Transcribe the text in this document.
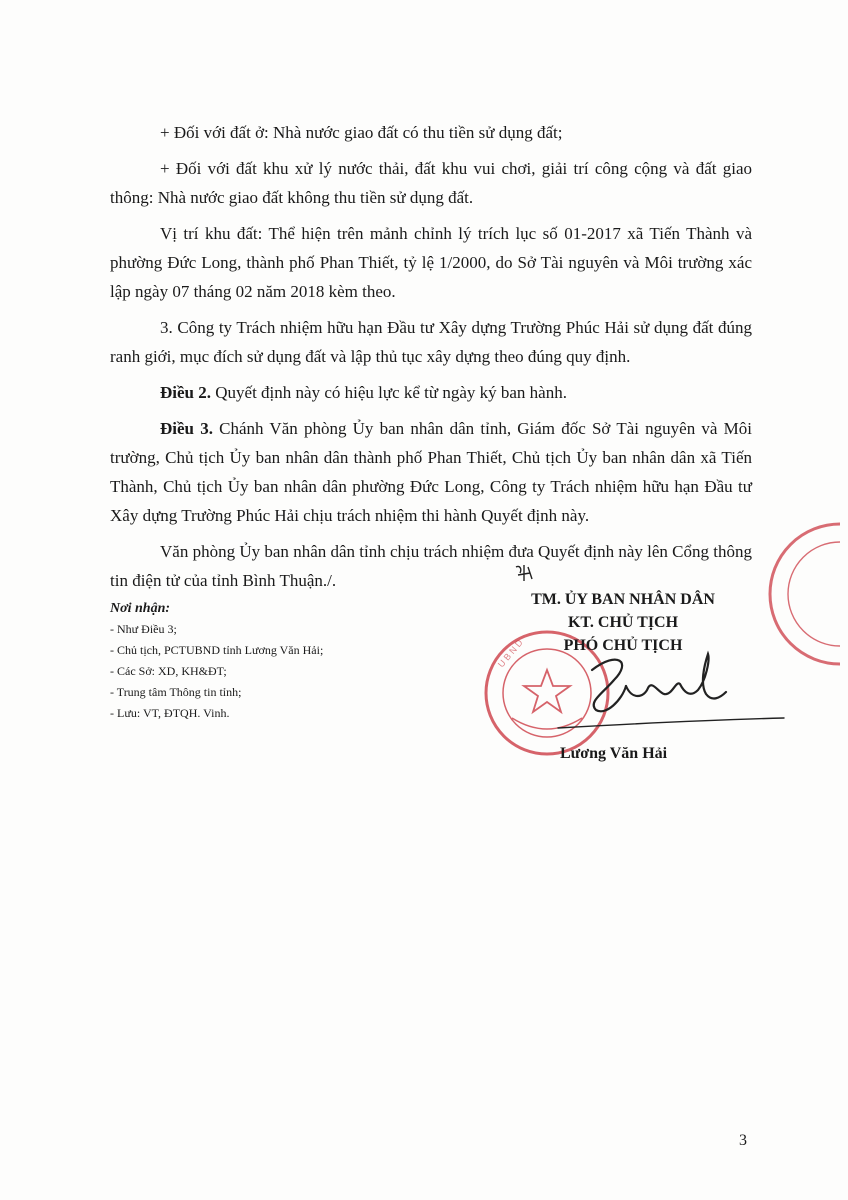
+ Đối với đất ở: Nhà nước giao đất có thu tiền sử dụng đất;

+ Đối với đất khu xử lý nước thải, đất khu vui chơi, giải trí công cộng và đất giao thông: Nhà nước giao đất không thu tiền sử dụng đất.

Vị trí khu đất: Thể hiện trên mảnh chỉnh lý trích lục số 01-2017 xã Tiến Thành và phường Đức Long, thành phố Phan Thiết, tỷ lệ 1/2000, do Sở Tài nguyên và Môi trường xác lập ngày 07 tháng 02 năm 2018 kèm theo.

3. Công ty Trách nhiệm hữu hạn Đầu tư Xây dựng Trường Phúc Hải sử dụng đất đúng ranh giới, mục đích sử dụng đất và lập thủ tục xây dựng theo đúng quy định.

Điều 2. Quyết định này có hiệu lực kể từ ngày ký ban hành.

Điều 3. Chánh Văn phòng Ủy ban nhân dân tỉnh, Giám đốc Sở Tài nguyên và Môi trường, Chủ tịch Ủy ban nhân dân thành phố Phan Thiết, Chủ tịch Ủy ban nhân dân xã Tiến Thành, Chủ tịch Ủy ban nhân dân phường Đức Long, Công ty Trách nhiệm hữu hạn Đầu tư Xây dựng Trường Phúc Hải chịu trách nhiệm thi hành Quyết định này.

Văn phòng Ủy ban nhân dân tỉnh chịu trách nhiệm đưa Quyết định này lên Cổng thông tin điện tử của tỉnh Bình Thuận./.

Nơi nhận:
- Như Điều 3;
- Chủ tịch, PCTUBND tỉnh Lương Văn Hải;
- Các Sở: XD, KH&ĐT;
- Trung tâm Thông tin tỉnh;
- Lưu: VT, ĐTQH. Vinh.
U B N D
TM. ỦY BAN NHÂN DÂN
KT. CHỦ TỊCH
PHÓ CHỦ TỊCH
Lương Văn Hải
3
